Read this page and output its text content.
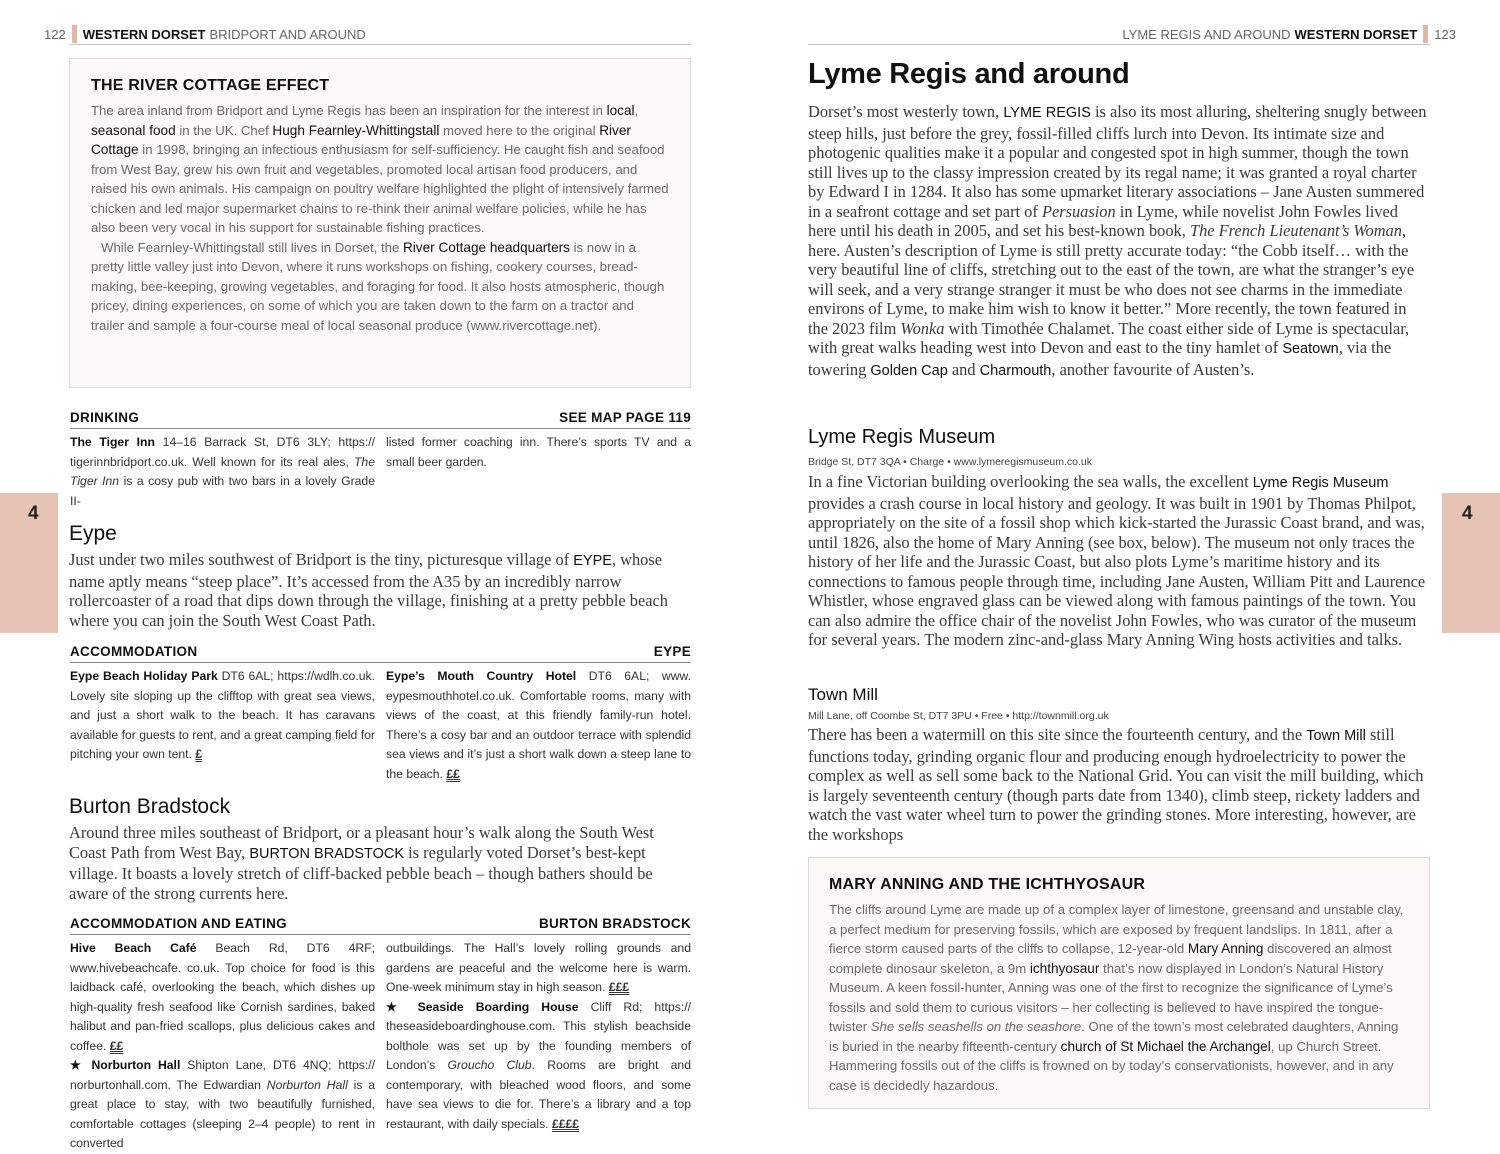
122 WESTERN DORSET BRIDPORT AND AROUND	LYME REGIS AND AROUND WESTERN DORSET 123
4	4
THE RIVER COTTAGE EFFECT

The area inland from Bridport and Lyme Regis has been an inspiration for the interest in local, seasonal food in the UK. Chef Hugh Fearnley-Whittingstall moved here to the original River Cottage in 1998, bringing an infectious enthusiasm for self-sufficiency. He caught fish and seafood from West Bay, grew his own fruit and vegetables, promoted local artisan food producers, and raised his own animals. His campaign on poultry welfare highlighted the plight of intensively farmed chicken and led major supermarket chains to re-think their animal welfare policies, while he has also been very vocal in his support for sustainable fishing practices.

While Fearnley-Whittingstall still lives in Dorset, the River Cottage headquarters is now in a pretty little valley just into Devon, where it runs workshops on fishing, cookery courses, bread-making, bee-keeping, growing vegetables, and foraging for food. It also hosts atmospheric, though pricey, dining experiences, on some of which you are taken down to the farm on a tractor and trailer and sample a four-course meal of local seasonal produce (www.rivercottage.net).

DRINKING	SEE MAP PAGE 119
The Tiger Inn 14–16 Barrack St, DT6 3LY; https:// tigerinnbridport.co.uk. Well known for its real ales, The Tiger Inn is a cosy pub with two bars in a lovely Grade II-
listed former coaching inn. There’s sports TV and a small beer garden.
Eype

Just under two miles southwest of Bridport is the tiny, picturesque village of EYPE, whose name aptly means “steep place”. It’s accessed from the A35 by an incredibly narrow rollercoaster of a road that dips down through the village, finishing at a pretty pebble beach where you can join the South West Coast Path.

ACCOMMODATION	EYPE
Eype Beach Holiday Park DT6 6AL; https://wdlh.co.uk. Lovely site sloping up the clifftop with great sea views, and just a short walk to the beach. It has caravans available for guests to rent, and a great camping field for pitching your own tent. £
Eype’s Mouth Country Hotel DT6 6AL; www. eypesmouthhotel.co.uk. Comfortable rooms, many with views of the coast, at this friendly family-run hotel. There’s a cosy bar and an outdoor terrace with splendid sea views and it’s just a short walk down a steep lane to the beach. ££
Burton Bradstock

Around three miles southeast of Bridport, or a pleasant hour’s walk along the South West Coast Path from West Bay, BURTON BRADSTOCK is regularly voted Dorset’s best-kept village. It boasts a lovely stretch of cliff-backed pebble beach – though bathers should be aware of the strong currents here.

ACCOMMODATION AND EATING	BURTON BRADSTOCK
Hive Beach Café Beach Rd, DT6 4RF; www.hivebeachcafe. co.uk. Top choice for food is this laidback café, overlooking the beach, which dishes up high-quality fresh seafood like Cornish sardines, baked halibut and pan-fried scallops, plus delicious cakes and coffee. ££
★ Norburton Hall Shipton Lane, DT6 4NQ; https:// norburtonhall.com. The Edwardian Norburton Hall is a great place to stay, with two beautifully furnished, comfortable cottages (sleeping 2–4 people) to rent in converted
outbuildings. The Hall’s lovely rolling grounds and gardens are peaceful and the welcome here is warm. One-week minimum stay in high season. £££
★ Seaside Boarding House Cliff Rd; https:// theseasideboardinghouse.com. This stylish beachside bolthole was set up by the founding members of London’s Groucho Club. Rooms are bright and contemporary, with bleached wood floors, and some have sea views to die for. There’s a library and a top restaurant, with daily specials. ££££
Lyme Regis and around

Dorset’s most westerly town, LYME REGIS is also its most alluring, sheltering snugly between steep hills, just before the grey, fossil-filled cliffs lurch into Devon. Its intimate size and photogenic qualities make it a popular and congested spot in high summer, though the town still lives up to the classy impression created by its regal name; it was granted a royal charter by Edward I in 1284. It also has some upmarket literary associations – Jane Austen summered in a seafront cottage and set part of Persuasion in Lyme, while novelist John Fowles lived here until his death in 2005, and set his best-known book, The French Lieutenant’s Woman, here. Austen’s description of Lyme is still pretty accurate today: “the Cobb itself… with the very beautiful line of cliffs, stretching out to the east of the town, are what the stranger’s eye will seek, and a very strange stranger it must be who does not see charms in the immediate environs of Lyme, to make him wish to know it better.” More recently, the town featured in the 2023 film Wonka with Timothée Chalamet. The coast either side of Lyme is spectacular, with great walks heading west into Devon and east to the tiny hamlet of Seatown, via the towering Golden Cap and Charmouth, another favourite of Austen’s.

Lyme Regis Museum
Bridge St, DT7 3QA • Charge • www.lymeregismuseum.co.uk

In a fine Victorian building overlooking the sea walls, the excellent Lyme Regis Museum provides a crash course in local history and geology. It was built in 1901 by Thomas Philpot, appropriately on the site of a fossil shop which kick-started the Jurassic Coast brand, and was, until 1826, also the home of Mary Anning (see box, below). The museum not only traces the history of her life and the Jurassic Coast, but also plots Lyme’s maritime history and its connections to famous people through time, including Jane Austen, William Pitt and Laurence Whistler, whose engraved glass can be viewed along with famous paintings of the town. You can also admire the office chair of the novelist John Fowles, who was curator of the museum for several years. The modern zinc-and-glass Mary Anning Wing hosts activities and talks.

Town Mill
Mill Lane, off Coombe St, DT7 3PU • Free • http://townmill.org.uk

There has been a watermill on this site since the fourteenth century, and the Town Mill still functions today, grinding organic flour and producing enough hydroelectricity to power the complex as well as sell some back to the National Grid. You can visit the mill building, which is largely seventeenth century (though parts date from 1340), climb steep, rickety ladders and watch the vast water wheel turn to power the grinding stones. More interesting, however, are the workshops

MARY ANNING AND THE ICHTHYOSAUR

The cliffs around Lyme are made up of a complex layer of limestone, greensand and unstable clay, a perfect medium for preserving fossils, which are exposed by frequent landslips. In 1811, after a fierce storm caused parts of the cliffs to collapse, 12-year-old Mary Anning discovered an almost complete dinosaur skeleton, a 9m ichthyosaur that’s now displayed in London’s Natural History Museum. A keen fossil-hunter, Anning was one of the first to recognize the significance of Lyme’s fossils and sold them to curious visitors – her collecting is believed to have inspired the tongue-twister She sells seashells on the seashore. One of the town’s most celebrated daughters, Anning is buried in the nearby fifteenth-century church of St Michael the Archangel, up Church Street. Hammering fossils out of the cliffs is frowned on by today’s conservationists, however, and in any case is decidedly hazardous.
